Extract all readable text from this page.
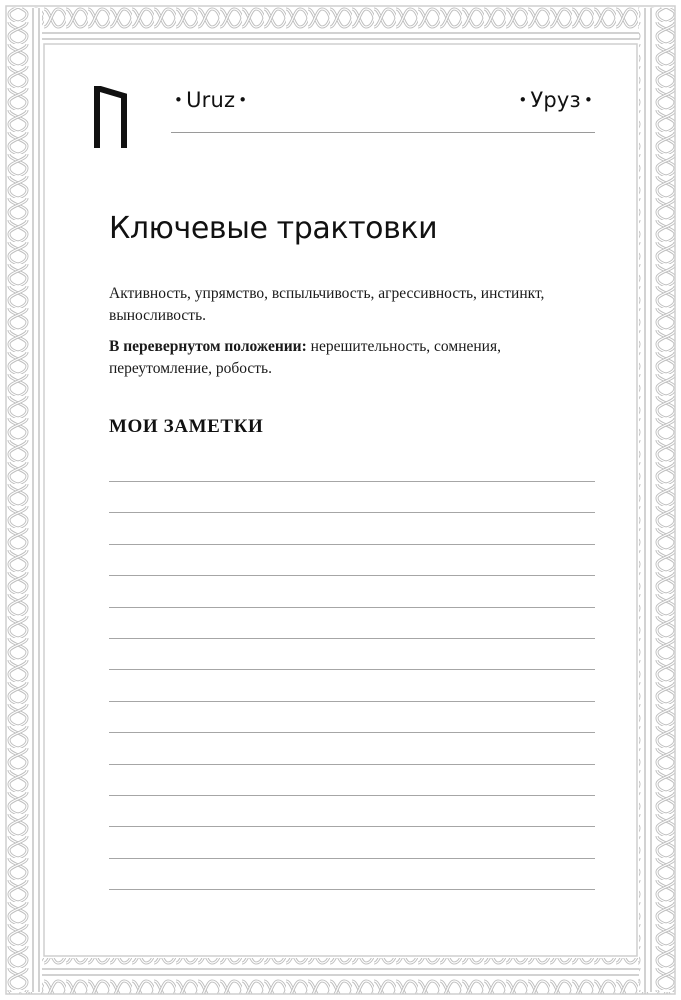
• Uruz •	• Уруз •
Ключевые трактовки

Активность, упрямство, вспыльчивость, агрессивность, инстинкт, выносливость.

В перевернутом положении: нерешительность, сомнения, переутомление, робость.

МОИ ЗАМЕТКИ
